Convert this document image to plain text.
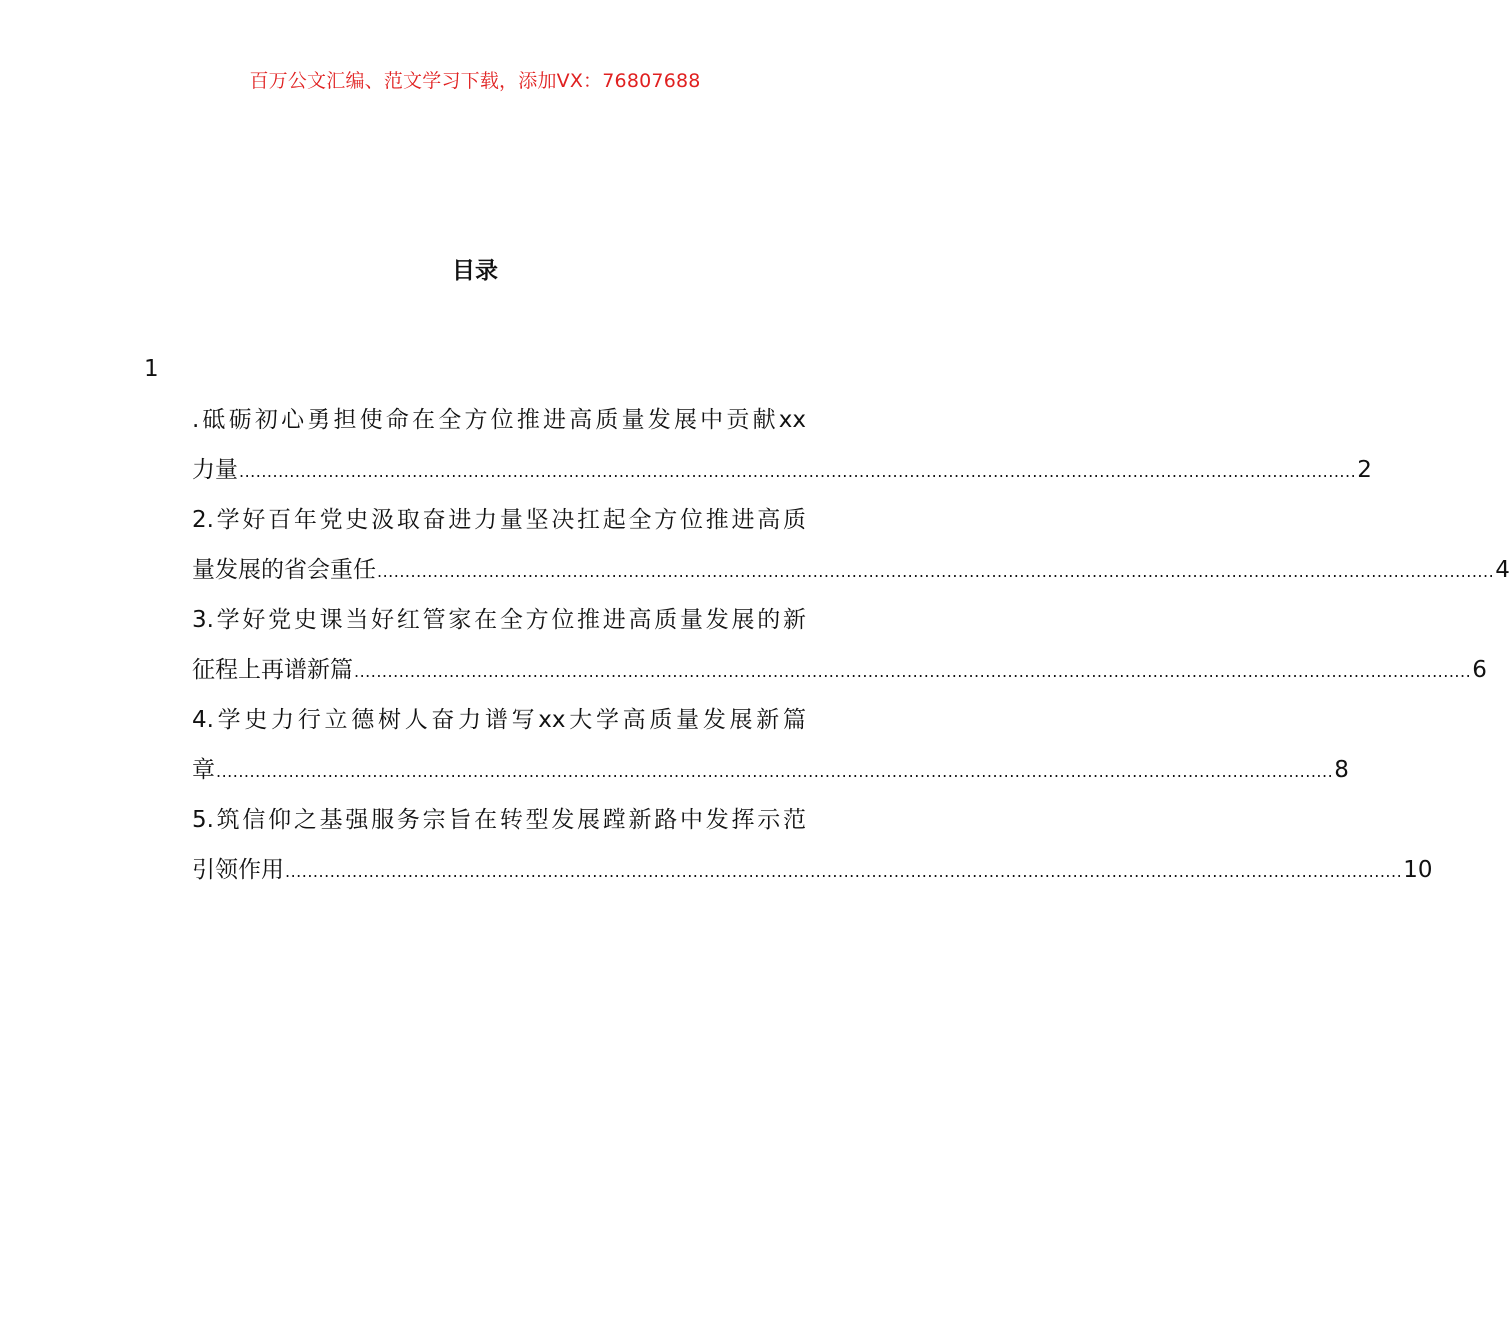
百万公文汇编、范文学习下载，添加VX：76807688
目录
1
.砥砺初心勇担使命在全方位推进高质量发展中贡献xx
力量 ........................................................................................................................................................................................................ 2
2.学好百年党史汲取奋进力量坚决扛起全方位推进高质
量发展的省会重任 ........................................................................................................................................................................................................ 4
3.学好党史课当好红管家在全方位推进高质量发展的新
征程上再谱新篇 ........................................................................................................................................................................................................ 6
4.学史力行立德树人奋力谱写xx大学高质量发展新篇
章 ........................................................................................................................................................................................................ 8
5.筑信仰之基强服务宗旨在转型发展蹚新路中发挥示范
引领作用 ........................................................................................................................................................................................................ 10
